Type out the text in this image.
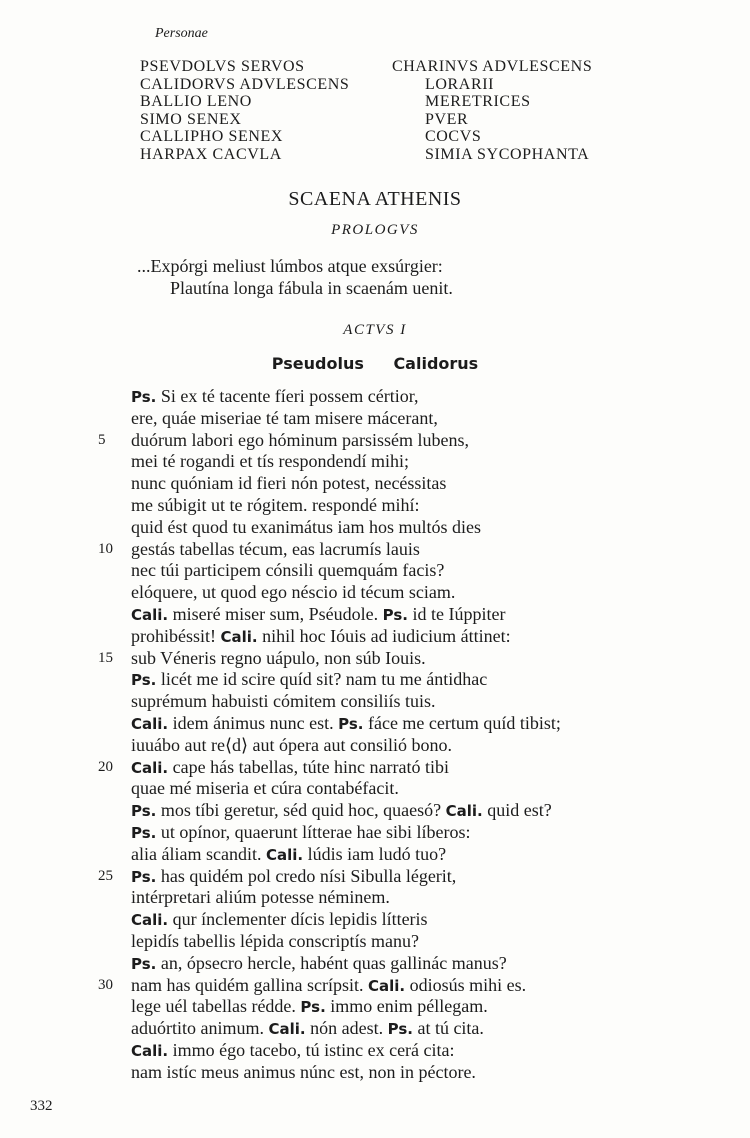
Personae
PSEVDOLVS SERVOS
CALIDORVS ADVLESCENS
BALLIO LENO
SIMO SENEX
CALLIPHO SENEX
HARPAX CACVLA
CHARINVS ADVLESCENS
LORARII
MERETRICES
PVER
COCVS
SIMIA SYCOPHANTA
SCAENA ATHENIS
PROLOGVS
...Expórgi meliust lúmbos atque exsúrgier:
Plautína longa fábula in scaenám uenit.
ACTVS I
Pseudolus Calidorus
Ps. Si ex té tacente fíeri possem cértior,
ere, quáe miseriae té tam misere mácerant,
5	duórum labori ego hóminum parsissém lubens,
mei té rogandi et tís respondendí mihi;
nunc quóniam id fieri nón potest, necéssitas
me súbigit ut te rógitem. respondé mihí:
quid ést quod tu exanimátus iam hos multós dies
10	gestás tabellas técum, eas lacrumís lauis
nec túi participem cónsili quemquám facis?
elóquere, ut quod ego néscio id técum sciam.
Cali. miseré miser sum, Pséudole. Ps. id te Iúppiter
prohibéssit! Cali. nihil hoc Ióuis ad iudicium áttinet:
15	sub Véneris regno uápulo, non súb Iouis.
Ps. licét me id scire quíd sit? nam tu me ántidhac
suprémum habuisti cómitem consiliís tuis.
Cali. idem ánimus nunc est. Ps. fáce me certum quíd tibist;
iuuábo aut re⟨d⟩ aut ópera aut consilió bono.
20	Cali. cape hás tabellas, túte hinc narrató tibi
quae mé miseria et cúra contabéfacit.
Ps. mos tíbi geretur, séd quid hoc, quaesó? Cali. quid est?
Ps. ut opínor, quaerunt lítterae hae sibi líberos:
alia áliam scandit. Cali. lúdis iam ludó tuo?
25	Ps. has quidém pol credo nísi Sibulla légerit,
intérpretari aliúm potesse néminem.
Cali. qur ínclementer dícis lepidis lítteris
lepidís tabellis lépida conscriptís manu?
Ps. an, ópsecro hercle, habént quas gallinác manus?
30	nam has quidém gallina scrípsit. Cali. odiosús mihi es.
lege uél tabellas rédde. Ps. immo enim péllegam.
aduórtito animum. Cali. nón adest. Ps. at tú cita.
Cali. immo égo tacebo, tú istinc ex cerá cita:
nam istíc meus animus núnc est, non in péctore.
332
